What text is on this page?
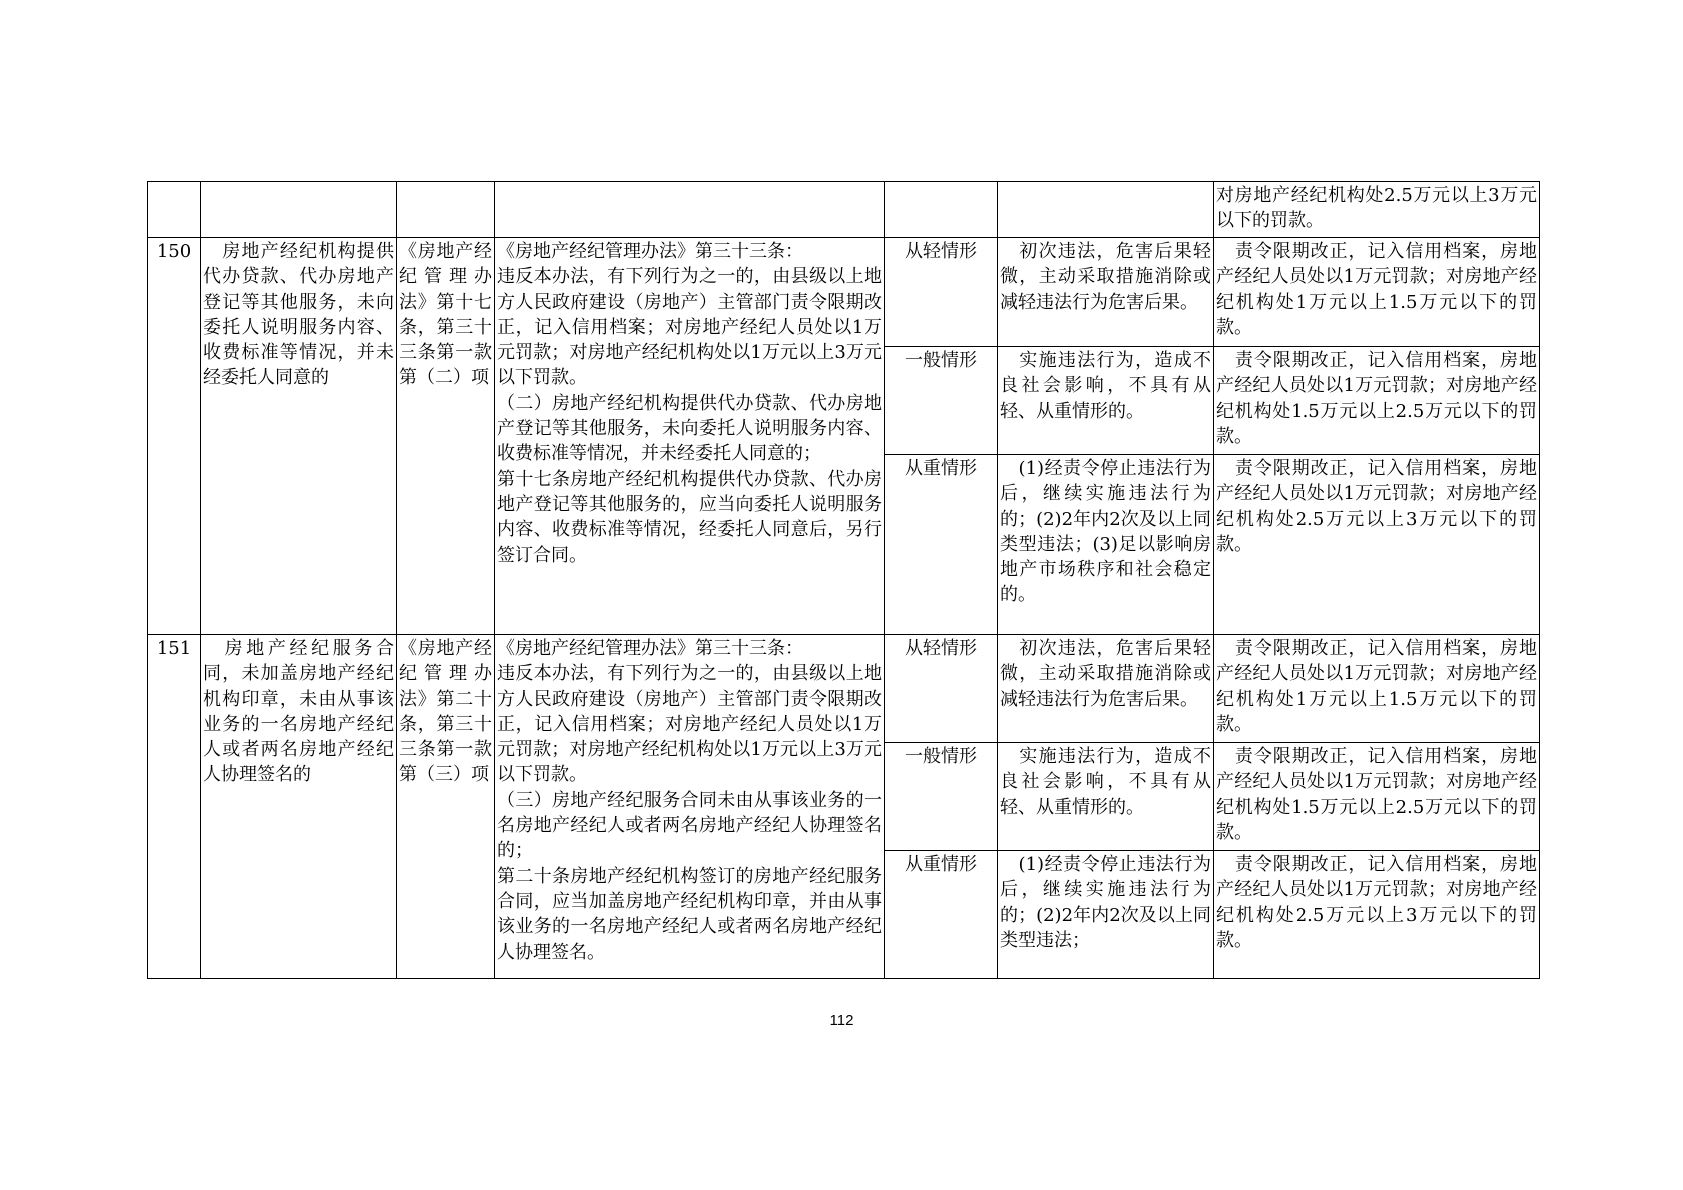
						对房地产经纪机构处2.5万元以上3万元以下的罚款。
150	　房地产经纪机构提供代办贷款、代办房地产登记等其他服务，未向委托人说明服务内容、收费标准等情况，并未经委托人同意的	《房地产经纪管理办法》第十七条，第三十三条第一款第（二）项	《房地产经纪管理办法》第三十三条：
违反本办法，有下列行为之一的，由县级以上地方人民政府建设（房地产）主管部门责令限期改正，记入信用档案；对房地产经纪人员处以1万元罚款；对房地产经纪机构处以1万元以上3万元以下罚款。
（二）房地产经纪机构提供代办贷款、代办房地产登记等其他服务，未向委托人说明服务内容、收费标准等情况，并未经委托人同意的；
第十七条房地产经纪机构提供代办贷款、代办房地产登记等其他服务的，应当向委托人说明服务内容、收费标准等情况，经委托人同意后，另行签订合同。	从轻情形	　初次违法，危害后果轻微，主动采取措施消除或减轻违法行为危害后果。	　责令限期改正，记入信用档案，房地产经纪人员处以1万元罚款；对房地产经纪机构处1万元以上1.5万元以下的罚款。
				一般情形	　实施违法行为，造成不良社会影响，不具有从轻、从重情形的。	　责令限期改正，记入信用档案，房地产经纪人员处以1万元罚款；对房地产经纪机构处1.5万元以上2.5万元以下的罚款。
				从重情形	　(1)经责令停止违法行为后，继续实施违法行为的；(2)2年内2次及以上同类型违法；(3)足以影响房地产市场秩序和社会稳定的。	　责令限期改正，记入信用档案，房地产经纪人员处以1万元罚款；对房地产经纪机构处2.5万元以上3万元以下的罚款。
151	　房地产经纪服务合同，未加盖房地产经纪机构印章，未由从事该业务的一名房地产经纪人或者两名房地产经纪人协理签名的	《房地产经纪管理办法》第二十条，第三十三条第一款第（三）项	《房地产经纪管理办法》第三十三条：
违反本办法，有下列行为之一的，由县级以上地方人民政府建设（房地产）主管部门责令限期改正，记入信用档案；对房地产经纪人员处以1万元罚款；对房地产经纪机构处以1万元以上3万元以下罚款。
（三）房地产经纪服务合同未由从事该业务的一名房地产经纪人或者两名房地产经纪人协理签名的；
第二十条房地产经纪机构签订的房地产经纪服务合同，应当加盖房地产经纪机构印章，并由从事该业务的一名房地产经纪人或者两名房地产经纪人协理签名。	从轻情形	　初次违法，危害后果轻微，主动采取措施消除或减轻违法行为危害后果。	　责令限期改正，记入信用档案，房地产经纪人员处以1万元罚款；对房地产经纪机构处1万元以上1.5万元以下的罚款。
				一般情形	　实施违法行为，造成不良社会影响，不具有从轻、从重情形的。	　责令限期改正，记入信用档案，房地产经纪人员处以1万元罚款；对房地产经纪机构处1.5万元以上2.5万元以下的罚款。
				从重情形	　(1)经责令停止违法行为后，继续实施违法行为的；(2)2年内2次及以上同类型违法；	　责令限期改正，记入信用档案，房地产经纪人员处以1万元罚款；对房地产经纪机构处2.5万元以上3万元以下的罚款。
112
